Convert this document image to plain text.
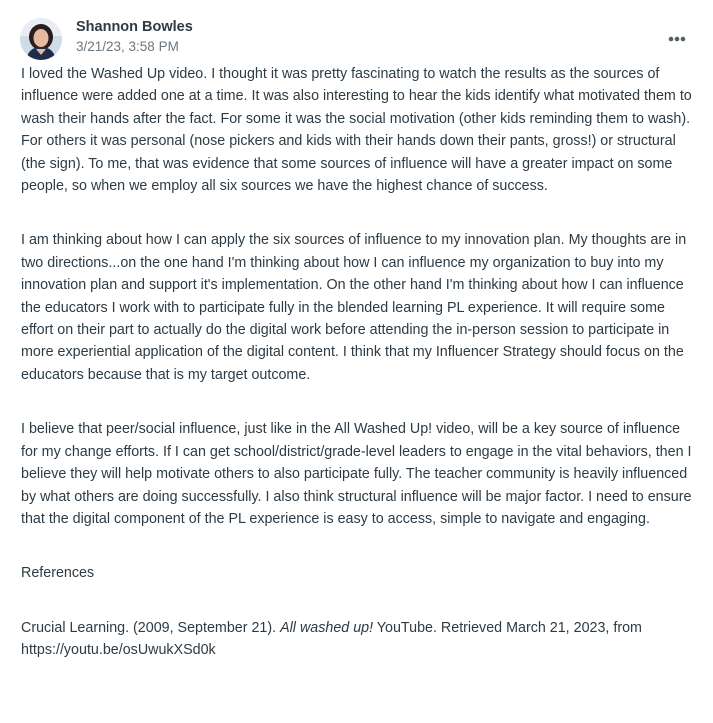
Shannon Bowles
3/21/23, 3:58 PM

I loved the Washed Up video. I thought it was pretty fascinating to watch the results as the sources of influence were added one at a time. It was also interesting to hear the kids identify what motivated them to wash their hands after the fact. For some it was the social motivation (other kids reminding them to wash). For others it was personal (nose pickers and kids with their hands down their pants, gross!) or structural (the sign). To me, that was evidence that some sources of influence will have a greater impact on some people, so when we employ all six sources we have the highest chance of success.

I am thinking about how I can apply the six sources of influence to my innovation plan. My thoughts are in two directions...on the one hand I'm thinking about how I can influence my organization to buy into my innovation plan and support it's implementation. On the other hand I'm thinking about how I can influence the educators I work with to participate fully in the blended learning PL experience. It will require some effort on their part to actually do the digital work before attending the in-person session to participate in more experiential application of the digital content. I think that my Influencer Strategy should focus on the educators because that is my target outcome.

I believe that peer/social influence, just like in the All Washed Up! video, will be a key source of influence for my change efforts. If I can get school/district/grade-level leaders to engage in the vital behaviors, then I believe they will help motivate others to also participate fully. The teacher community is heavily influenced by what others are doing successfully. I also think structural influence will be major factor. I need to ensure that the digital component of the PL experience is easy to access, simple to navigate and engaging.

References

Crucial Learning. (2009, September 21). All washed up! YouTube. Retrieved March 21, 2023, from https://youtu.be/osUwukXSd0k
